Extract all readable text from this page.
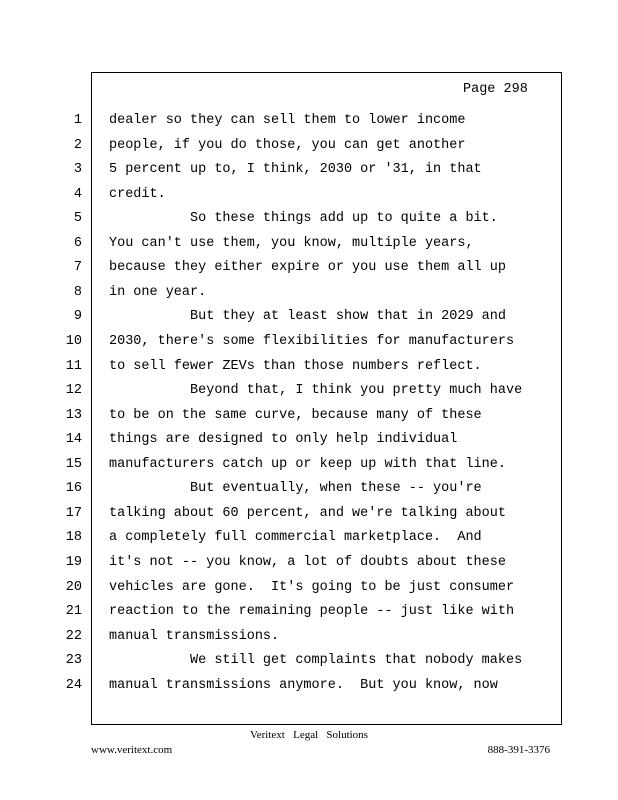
Page 298
1 dealer so they can sell them to lower income
2 people, if you do those, you can get another
3 5 percent up to, I think, 2030 or '31, in that
4 credit.
5 So these things add up to quite a bit.
6 You can't use them, you know, multiple years,
7 because they either expire or you use them all up
8 in one year.
9 But they at least show that in 2029 and
10 2030, there's some flexibilities for manufacturers
11 to sell fewer ZEVs than those numbers reflect.
12 Beyond that, I think you pretty much have
13 to be on the same curve, because many of these
14 things are designed to only help individual
15 manufacturers catch up or keep up with that line.
16 But eventually, when these -- you're
17 talking about 60 percent, and we're talking about
18 a completely full commercial marketplace.  And
19 it's not -- you know, a lot of doubts about these
20 vehicles are gone.  It's going to be just consumer
21 reaction to the remaining people -- just like with
22 manual transmissions.
23 We still get complaints that nobody makes
24 manual transmissions anymore.  But you know, now
Veritext   Legal   Solutions
www.veritext.com	888-391-3376
